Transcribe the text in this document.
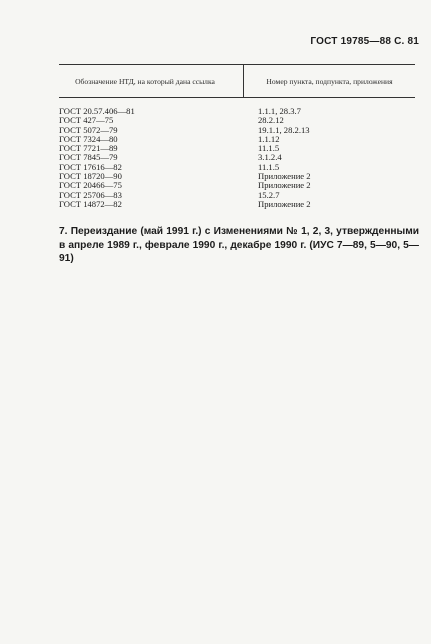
ГОСТ 19785—88 С. 81
Обозначение НТД, на который дана ссылка	Номер пункта, подпункта, приложения
ГОСТ 20.57.406—81	1.1.1, 28.3.7
ГОСТ 427—75	28.2.12
ГОСТ 5072—79	19.1.1, 28.2.13
ГОСТ 7324—80	1.1.12
ГОСТ 7721—89	11.1.5
ГОСТ 7845—79	3.1.2.4
ГОСТ 17616—82	11.1.5
ГОСТ 18720—90	Приложение 2
ГОСТ 20466—75	Приложение 2
ГОСТ 25706—83	15.2.7
ГОСТ 14872—82	Приложение 2

7. Переиздание (май 1991 г.) с Изменениями № 1, 2, 3, утвержденными в апреле 1989 г., феврале 1990 г., декабре 1990 г. (ИУС 7—89, 5—90, 5—91)
